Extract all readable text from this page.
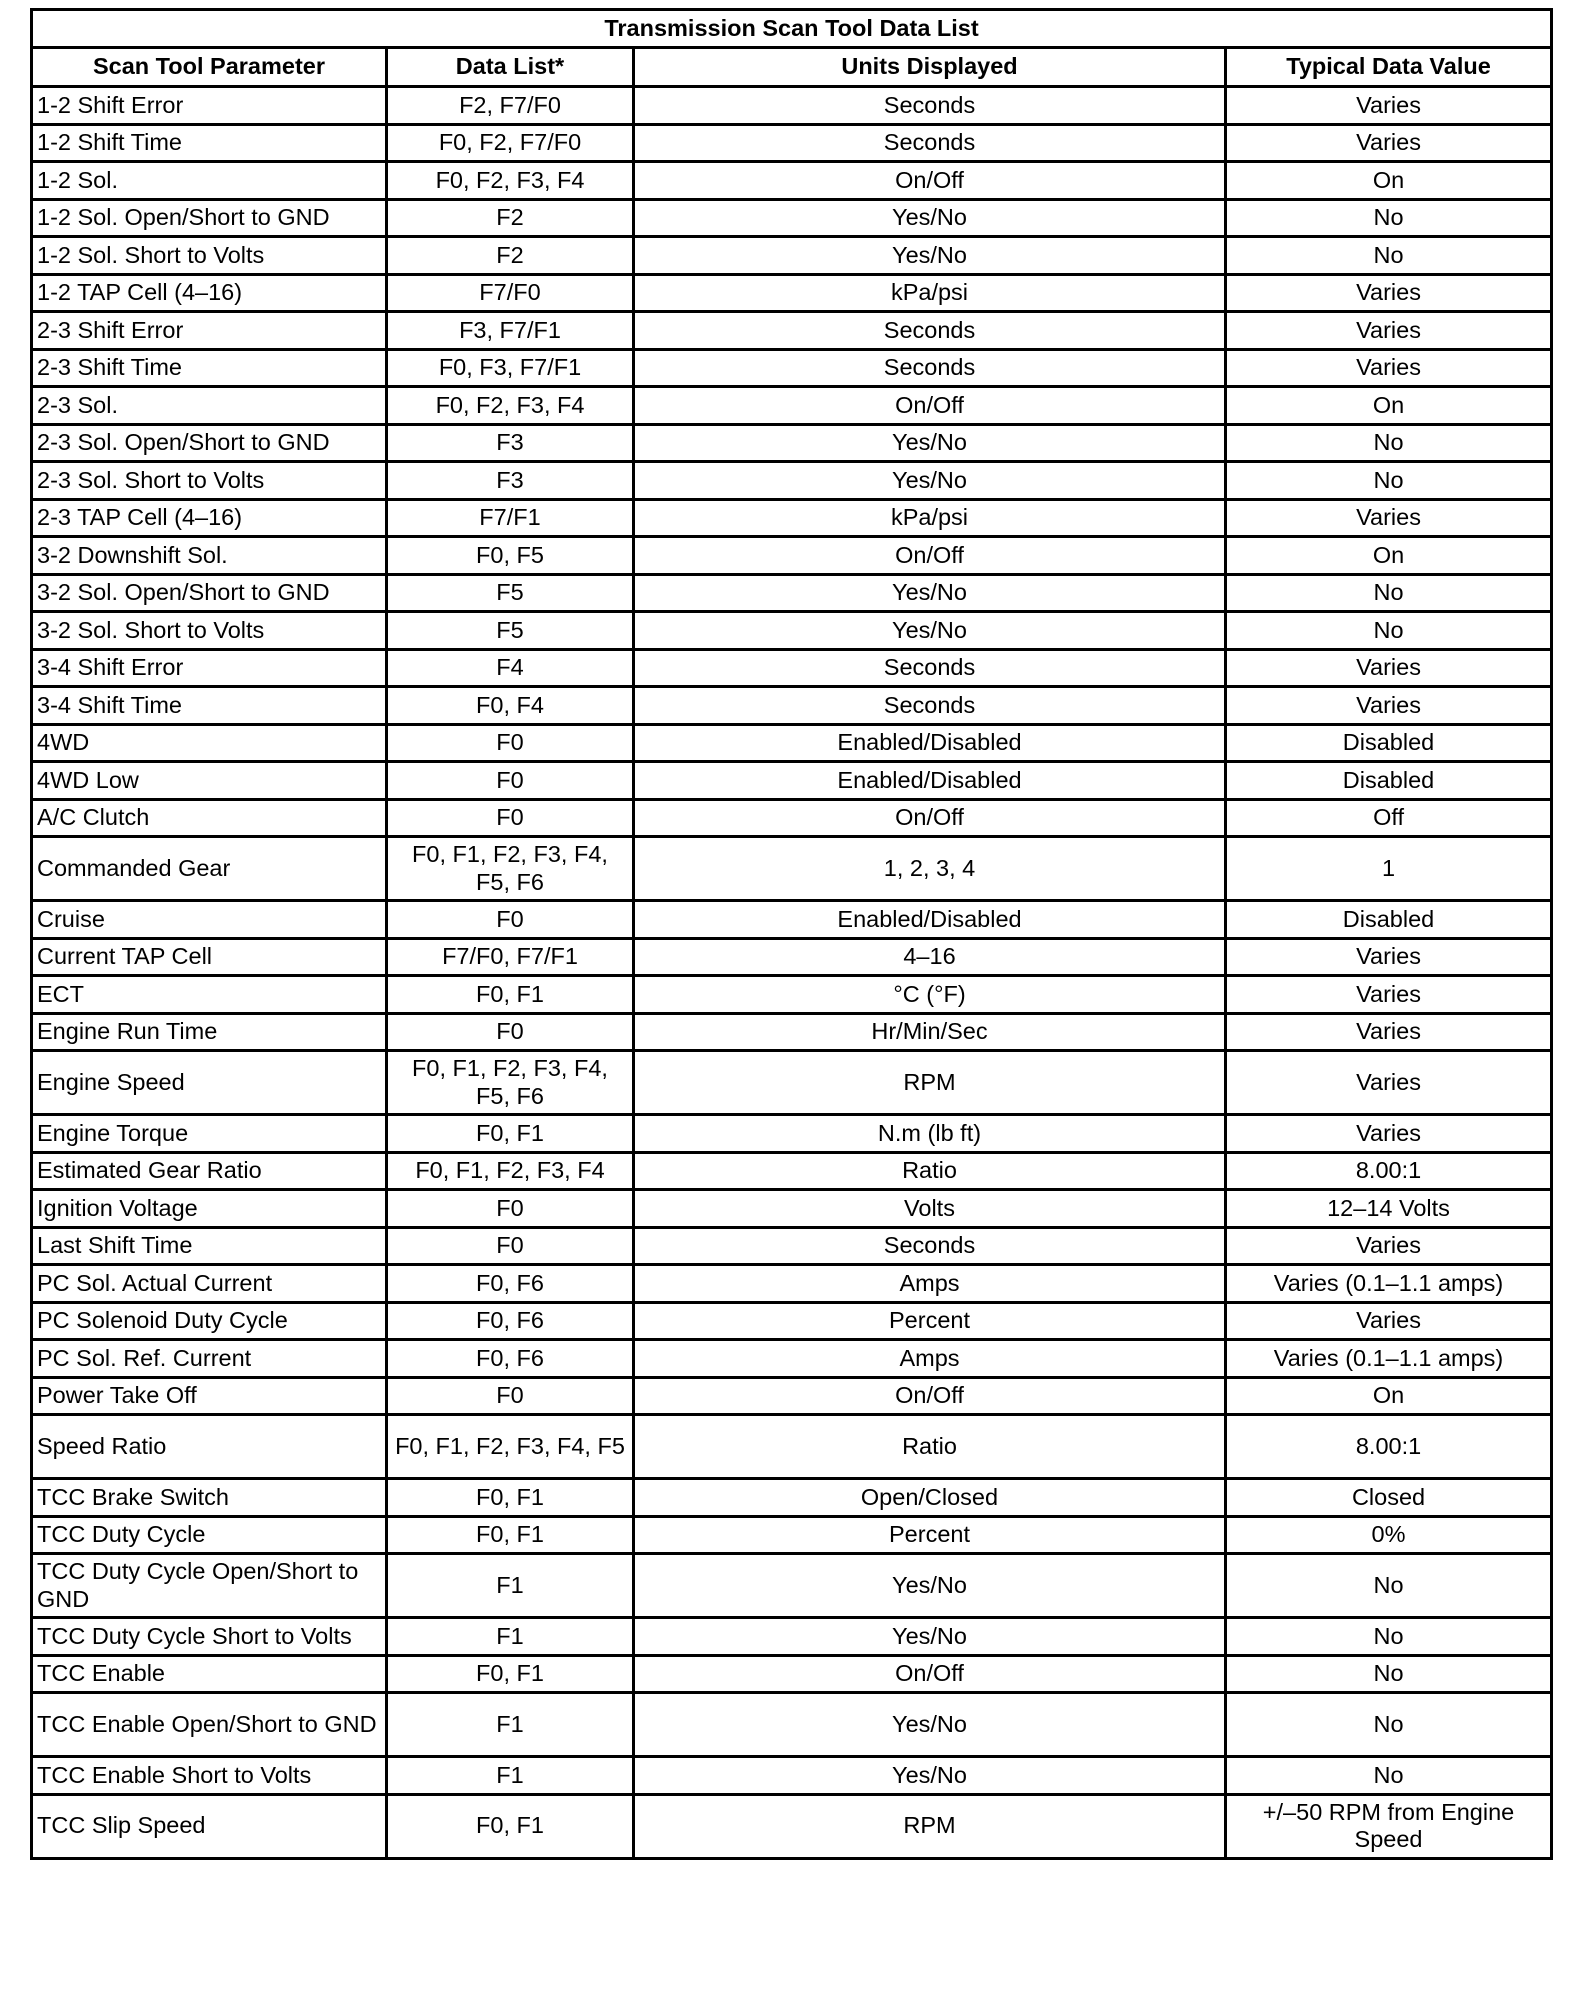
Transmission Scan Tool Data List			
Scan Tool Parameter	Data List*	Units Displayed	Typical Data Value
1-2 Shift Error	F2, F7/F0	Seconds	Varies
1-2 Shift Time	F0, F2, F7/F0	Seconds	Varies
1-2 Sol.	F0, F2, F3, F4	On/Off	On
1-2 Sol. Open/Short to GND	F2	Yes/No	No
1-2 Sol. Short to Volts	F2	Yes/No	No
1-2 TAP Cell (4–16)	F7/F0	kPa/psi	Varies
2-3 Shift Error	F3, F7/F1	Seconds	Varies
2-3 Shift Time	F0, F3, F7/F1	Seconds	Varies
2-3 Sol.	F0, F2, F3, F4	On/Off	On
2-3 Sol. Open/Short to GND	F3	Yes/No	No
2-3 Sol. Short to Volts	F3	Yes/No	No
2-3 TAP Cell (4–16)	F7/F1	kPa/psi	Varies
3-2 Downshift Sol.	F0, F5	On/Off	On
3-2 Sol. Open/Short to GND	F5	Yes/No	No
3-2 Sol. Short to Volts	F5	Yes/No	No
3-4 Shift Error	F4	Seconds	Varies
3-4 Shift Time	F0, F4	Seconds	Varies
4WD	F0	Enabled/Disabled	Disabled
4WD Low	F0	Enabled/Disabled	Disabled
A/C Clutch	F0	On/Off	Off
Commanded Gear	F0, F1, F2, F3, F4, F5, F6	1, 2, 3, 4	1
Cruise	F0	Enabled/Disabled	Disabled
Current TAP Cell	F7/F0, F7/F1	4–16	Varies
ECT	F0, F1	°C (°F)	Varies
Engine Run Time	F0	Hr/Min/Sec	Varies
Engine Speed	F0, F1, F2, F3, F4, F5, F6	RPM	Varies
Engine Torque	F0, F1	N.m (lb ft)	Varies
Estimated Gear Ratio	F0, F1, F2, F3, F4	Ratio	8.00:1
Ignition Voltage	F0	Volts	12–14 Volts
Last Shift Time	F0	Seconds	Varies
PC Sol. Actual Current	F0, F6	Amps	Varies (0.1–1.1 amps)
PC Solenoid Duty Cycle	F0, F6	Percent	Varies
PC Sol. Ref. Current	F0, F6	Amps	Varies (0.1–1.1 amps)
Power Take Off	F0	On/Off	On
Speed Ratio	F0, F1, F2, F3, F4, F5	Ratio	8.00:1
TCC Brake Switch	F0, F1	Open/Closed	Closed
TCC Duty Cycle	F0, F1	Percent	0%
TCC Duty Cycle Open/Short to GND	F1	Yes/No	No
TCC Duty Cycle Short to Volts	F1	Yes/No	No
TCC Enable	F0, F1	On/Off	No
TCC Enable Open/Short to GND	F1	Yes/No	No
TCC Enable Short to Volts	F1	Yes/No	No
TCC Slip Speed	F0, F1	RPM	+/–50 RPM from Engine Speed
